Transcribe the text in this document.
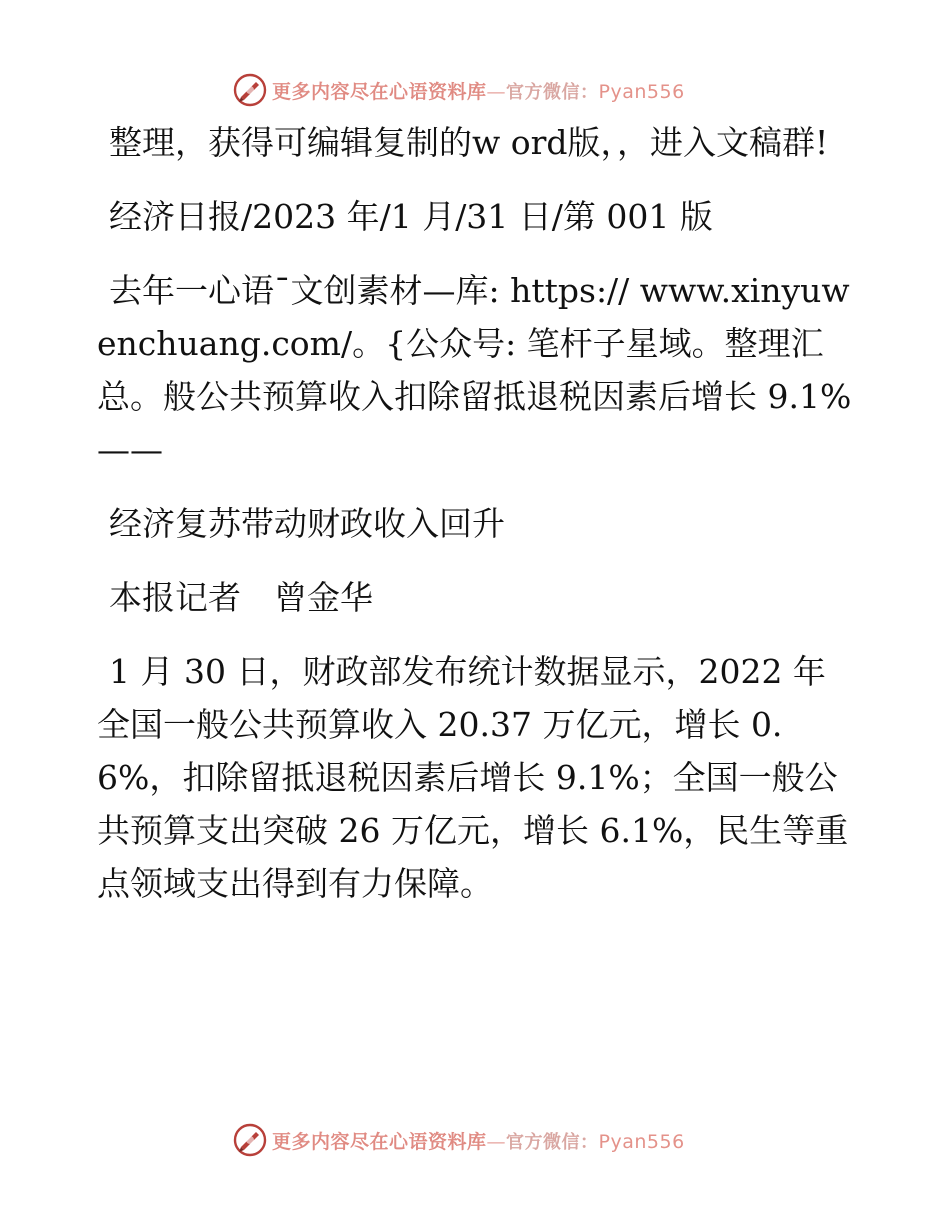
更多内容尽在心语资料库—官方微信：Pyan556

整理，获得可编辑复制的w ord版，，进入文稿群!

经济日报/2023 年/1 月/31 日/第 001 版

去年一心语¯文创素材—库: https:// www.xinyuwenchuang.com/。{公众号: 笔杆子星域。整理汇总。般公共预算收入扣除留抵退税因素后增长 9.1%——

经济复苏带动财政收入回升

本报记者　曾金华

1 月 30 日，财政部发布统计数据显示，2022 年全国一般公共预算收入 20.37 万亿元，增长 0.6%，扣除留抵退税因素后增长 9.1%；全国一般公共预算支出突破 26 万亿元，增长 6.1%，民生等重点领域支出得到有力保障。

更多内容尽在心语资料库—官方微信：Pyan556
